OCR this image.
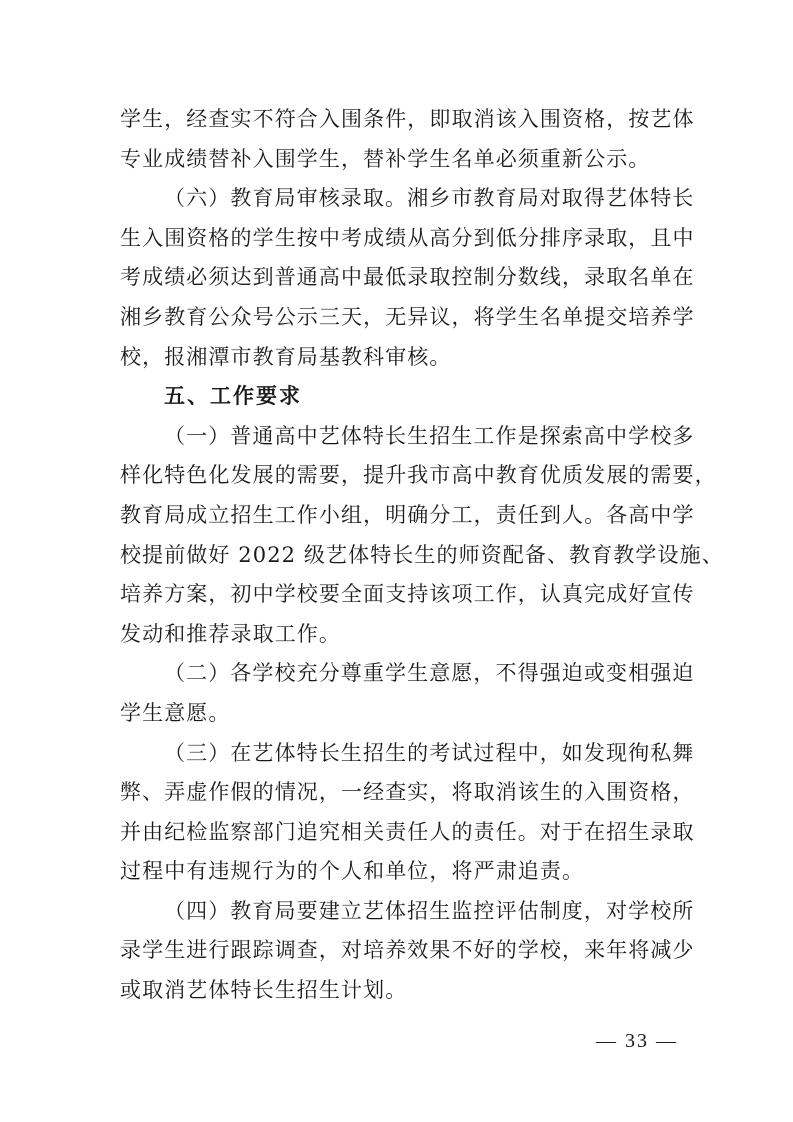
学生，经查实不符合入围条件，即取消该入围资格，按艺体
专业成绩替补入围学生，替补学生名单必须重新公示。
（六）教育局审核录取。湘乡市教育局对取得艺体特长
生入围资格的学生按中考成绩从高分到低分排序录取，且中
考成绩必须达到普通高中最低录取控制分数线，录取名单在
湘乡教育公众号公示三天，无异议，将学生名单提交培养学
校，报湘潭市教育局基教科审核。
五、工作要求
（一）普通高中艺体特长生招生工作是探索高中学校多
样化特色化发展的需要，提升我市高中教育优质发展的需要，
教育局成立招生工作小组，明确分工，责任到人。各高中学
校提前做好 2022 级艺体特长生的师资配备、教育教学设施、
培养方案，初中学校要全面支持该项工作，认真完成好宣传
发动和推荐录取工作。
（二）各学校充分尊重学生意愿，不得强迫或变相强迫
学生意愿。
（三）在艺体特长生招生的考试过程中，如发现徇私舞
弊、弄虚作假的情况，一经查实，将取消该生的入围资格，
并由纪检监察部门追究相关责任人的责任。对于在招生录取
过程中有违规行为的个人和单位，将严肃追责。
（四）教育局要建立艺体招生监控评估制度，对学校所
录学生进行跟踪调查，对培养效果不好的学校，来年将减少
或取消艺体特长生招生计划。
— 33 —
